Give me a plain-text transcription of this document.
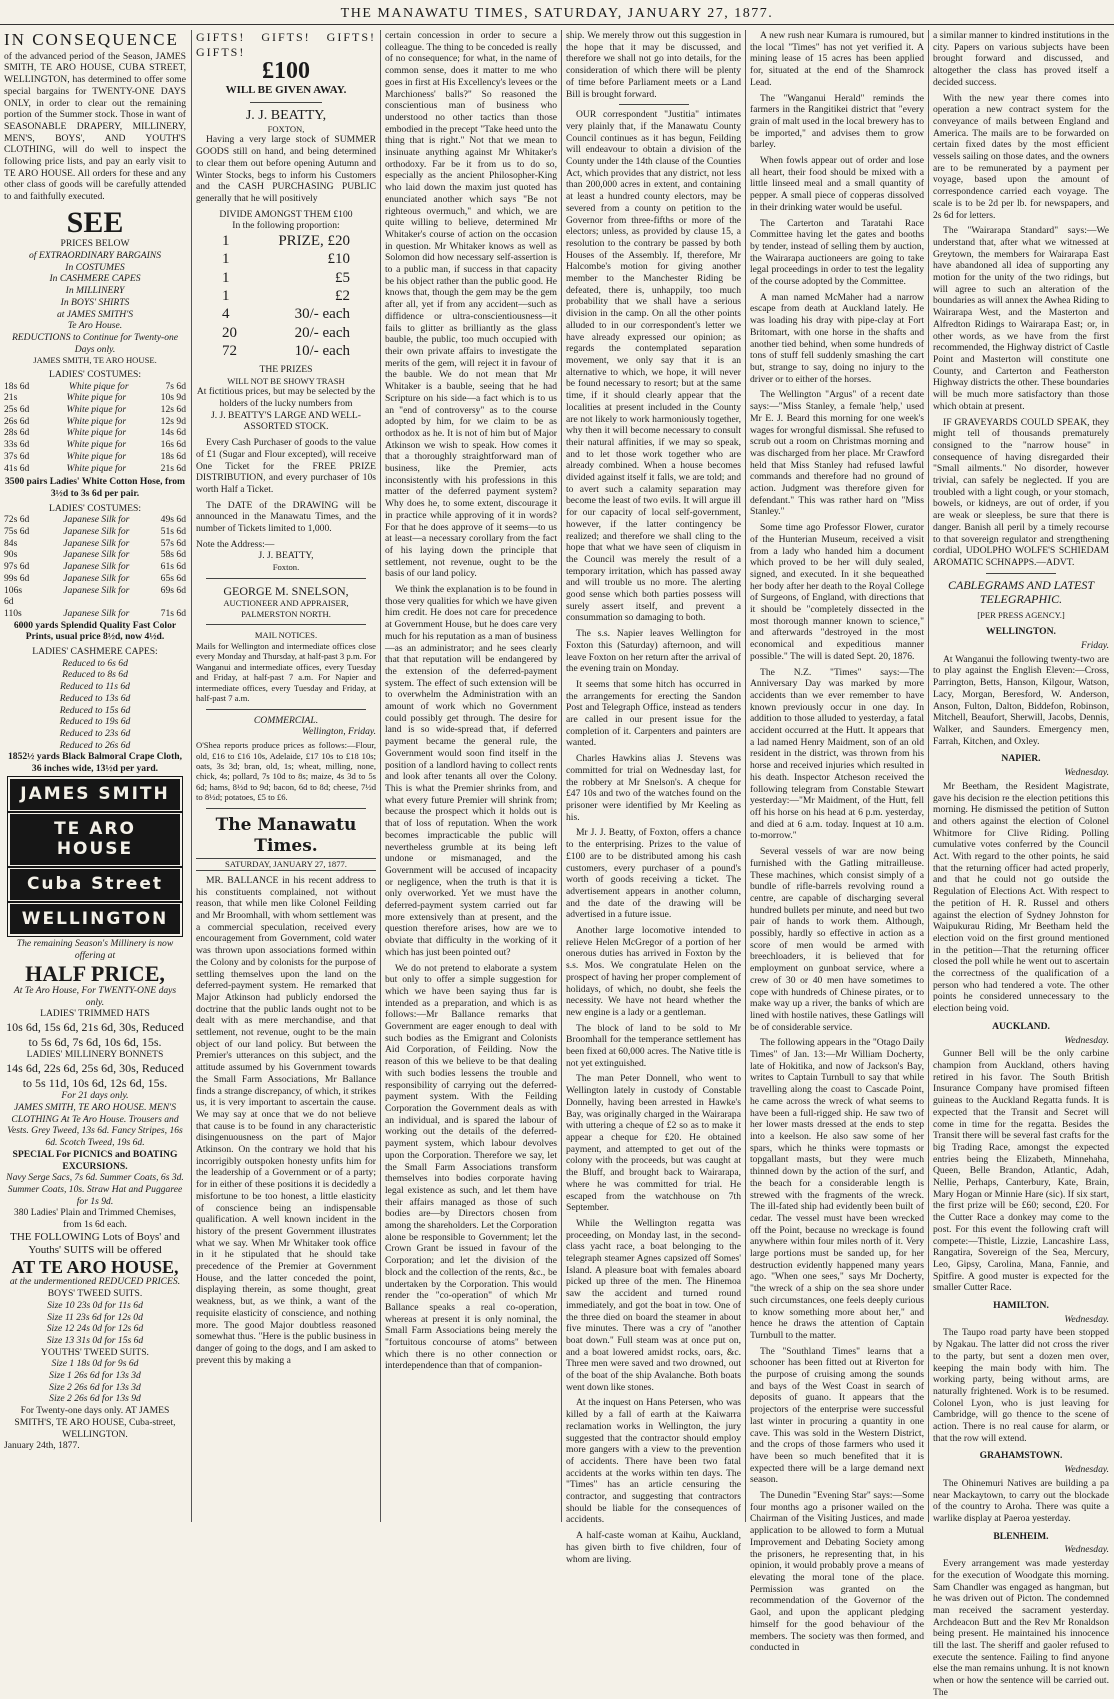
THE MANAWATU TIMES, SATURDAY, JANUARY 27, 1877.
IN CONSEQUENCE
of the advanced period of the Season, JAMES SMITH, TE ARO HOUSE, CUBA STREET, WELLINGTON, has determined to offer some special bargains for TWENTY-ONE DAYS ONLY, in order to clear out the remaining portion of the Summer stock. Those in want of SEASONABLE DRAPERY, MILLINERY, MEN'S, BOYS', AND YOUTH'S CLOTHING, will do well to inspect the following price lists, and pay an early visit to TE ARO HOUSE. All orders for these and any other class of goods will be carefully attended to and faithfully executed.
SEE
PRICES BELOW
of EXTRAORDINARY BARGAINS
In COSTUMES
In CASHMERE CAPES
In MILLINERY
In BOYS' SHIRTS
at JAMES SMITH'S
Te Aro House.
REDUCTIONS to Continue for Twenty-one Days only.
JAMES SMITH, TE ARO HOUSE.
LADIES' COSTUMES:
18s 6d	White pique for	7s 6d
21s	White pique for	10s 9d
25s 6d	White pique for	12s 6d
26s 6d	White pique for	12s 9d
28s 6d	White pique for	14s 6d
33s 6d	White pique for	16s 6d
37s 6d	White pique for	18s 6d
41s 6d	White pique for	21s 6d
3500 pairs Ladies' White Cotton Hose, from 3½d to 3s 6d per pair.
LADIES' COSTUMES:
72s 6d	Japanese Silk for	49s 6d
75s 6d	Japanese Silk for	51s 6d
84s	Japanese Silk for	57s 6d
90s	Japanese Silk for	58s 6d
97s 6d	Japanese Silk for	61s 6d
99s 6d	Japanese Silk for	65s 6d
106s 6d
Japanese Silk for	69s 6d
110s	Japanese Silk for	71s 6d
6000 yards Splendid Quality Fast Color Prints, usual price 8½d, now 4½d.
LADIES' CASHMERE CAPES:
Reduced to 6s 6d
Reduced to 8s 6d
Reduced to 11s 6d
Reduced to 13s 6d
Reduced to 15s 6d
Reduced to 19s 6d
Reduced to 23s 6d
Reduced to 26s 6d
1852½ yards Black Balmoral Crape Cloth, 36 inches wide, 13½d per yard.
JAMES SMITH
TE ARO HOUSE
Cuba Street
WELLINGTON
The remaining Season's Millinery is now offering at
HALF PRICE,
At Te Aro House, For TWENTY-ONE days only.
LADIES' TRIMMED HATS
10s 6d, 15s 6d, 21s 6d, 30s, Reduced to 5s 6d, 7s 6d, 10s 6d, 15s.
LADIES' MILLINERY BONNETS
14s 6d, 22s 6d, 25s 6d, 30s, Reduced to 5s 11d, 10s 6d, 12s 6d, 15s.
For 21 days only.
JAMES SMITH, TE ARO HOUSE. MEN'S CLOTHING At Te Aro House. Trousers and Vests. Grey Tweed, 13s 6d. Fancy Stripes, 16s 6d. Scotch Tweed, 19s 6d.
SPECIAL For PICNICS and BOATING EXCURSIONS.
Navy Serge Sacs, 7s 6d. Summer Coats, 6s 3d. Summer Coats, 10s. Straw Hat and Puggaree for 1s 9d.
380 Ladies' Plain and Trimmed Chemises, from 1s 6d each.
THE FOLLOWING Lots of Boys' and Youths' SUITS will be offered
AT TE ARO HOUSE,
at the undermentioned REDUCED PRICES.
BOYS' TWEED SUITS.
Size 10 23s 0d for 11s 6d
Size 11 23s 6d for 12s 0d
Size 12 24s 0d for 12s 6d
Size 13 31s 0d for 15s 6d
YOUTHS' TWEED SUITS.
Size 1 18s 0d for 9s 6d
Size 1 26s 6d for 13s 3d
Size 2 26s 6d for 13s 3d
Size 2 26s 6d for 13s 9d
For Twenty-one days only. AT JAMES SMITH'S, TE ARO HOUSE, Cuba-street, WELLINGTON.
January 24th, 1877.
GIFTS! GIFTS! GIFTS! GIFTS!
£100
WILL BE GIVEN AWAY.
J. J. BEATTY,
FOXTON,

Having a very large stock of SUMMER GOODS still on hand, and being determined to clear them out before opening Autumn and Winter Stocks, begs to inform his Customers and the CASH PURCHASING PUBLIC generally that he will positively

DIVIDE AMONGST THEM £100
In the following proportion:
1	PRIZE, £20
1	£10
1	£5
1	£2
4	30/- each
20	20/- each
72	10/- each
THE PRIZES
WILL NOT BE SHOWY TRASH
At fictitious prices, but may be selected by the holders of the lucky numbers from
J. J. BEATTY'S LARGE AND WELL-ASSORTED STOCK.

Every Cash Purchaser of goods to the value of £1 (Sugar and Flour excepted), will receive One Ticket for the FREE PRIZE DISTRIBUTION, and every purchaser of 10s worth Half a Ticket.

The DATE of the DRAWING will be announced in the Manawatu Times, and the number of Tickets limited to 1,000.

Note the Address:—
J. J. BEATTY,
Foxton.
GEORGE M. SNELSON,
AUCTIONEER AND APPRAISER,
PALMERSTON NORTH.
MAIL NOTICES.
Mails for Wellington and intermediate offices close every Monday and Thursday, at half-past 3 p.m. For Wanganui and intermediate offices, every Tuesday and Friday, at half-past 7 a.m. For Napier and intermediate offices, every Tuesday and Friday, at half-past 7 a.m.
COMMERCIAL.
Wellington, Friday.
O'Shea reports produce prices as follows:—Flour, old, £16 to £16 10s, Adelaide, £17 10s to £18 10s; oats, 3s 3d; bran, old, 1s; wheat, milling, none, chick, 4s; pollard, 7s 10d to 8s; maize, 4s 3d to 5s 6d; hams, 8½d to 9d; bacon, 6d to 8d; cheese, 7½d to 8½d; potatoes, £5 to £6.
The Manawatu Times.
SATURDAY, JANUARY 27, 1877.

MR. BALLANCE in his recent address to his constituents complained, not without reason, that while men like Colonel Feilding and Mr Broomhall, with whom settlement was a commercial speculation, received every encouragement from Government, cold water was thrown upon associations formed within the Colony and by colonists for the purpose of settling themselves upon the land on the deferred-payment system. He remarked that Major Atkinson had publicly endorsed the doctrine that the public lands ought not to be dealt with as mere merchandise, and that settlement, not revenue, ought to be the main object of our land policy. But between the Premier's utterances on this subject, and the attitude assumed by his Government towards the Small Farm Associations, Mr Ballance finds a strange discrepancy, of which, it strikes us, it is very important to ascertain the cause. We may say at once that we do not believe that cause is to be found in any characteristic disingenuousness on the part of Major Atkinson. On the contrary we hold that his incorrigibly outspoken honesty unfits him for the leadership of a Government or of a party; for in either of these positions it is decidedly a misfortune to be too honest, a little elasticity of conscience being an indispensable qualification. A well known incident in the history of the present Government illustrates what we say. When Mr Whitaker took office in it he stipulated that he should take precedence of the Premier at Government House, and the latter conceded the point, displaying therein, as some thought, great weakness, but, as we think, a want of the requisite elasticity of conscience, and nothing more. The good Major doubtless reasoned somewhat thus. "Here is the public business in danger of going to the dogs, and I am asked to prevent this by making a

certain concession in order to secure a colleague. The thing to be conceded is really of no consequence; for what, in the name of common sense, does it matter to me who goes in first at His Excellency's levees or the Marchioness' balls?" So reasoned the conscientious man of business who understood no other tactics than those embodied in the precept "Take heed unto the thing that is right." Not that we mean to insinuate anything against Mr Whitaker's orthodoxy. Far be it from us to do so, especially as the ancient Philosopher-King who laid down the maxim just quoted has enunciated another which says "Be not righteous overmuch," and which, we are quite willing to believe, determined Mr Whitaker's course of action on the occasion in question. Mr Whitaker knows as well as Solomon did how necessary self-assertion is to a public man, if success in that capacity be his object rather than the public good. He knows that, though the gem may be the gem after all, yet if from any accident—such as diffidence or ultra-conscientiousness—it fails to glitter as brilliantly as the glass bauble, the public, too much occupied with their own private affairs to investigate the merits of the gem, will reject it in favour of the bauble. We do not mean that Mr Whitaker is a bauble, seeing that he had Scripture on his side—a fact which is to us an "end of controversy" as to the course adopted by him, for we claim to be as orthodox as he. It is not of him but of Major Atkinson we wish to speak. How comes it that a thoroughly straightforward man of business, like the Premier, acts inconsistently with his professions in this matter of the deferred payment system? Why does he, to some extent, discourage it in practice while approving of it in words? For that he does approve of it seems—to us at least—a necessary corollary from the fact of his laying down the principle that settlement, not revenue, ought to be the basis of our land policy.

We think the explanation is to be found in those very qualities for which we have given him credit. He does not care for precedence at Government House, but he does care very much for his reputation as a man of business—as an administrator; and he sees clearly that that reputation will be endangered by the extension of the deferred-payment system. The effect of such extension will be to overwhelm the Administration with an amount of work which no Government could possibly get through. The desire for land is so wide-spread that, if deferred payment became the general rule, the Government would soon find itself in the position of a landlord having to collect rents and look after tenants all over the Colony. This is what the Premier shrinks from, and what every future Premier will shrink from; because the prospect which it holds out is that of loss of reputation. When the work becomes impracticable the public will nevertheless grumble at its being left undone or mismanaged, and the Government will be accused of incapacity or negligence, when the truth is that it is only overworked. Yet we must have the deferred-payment system carried out far more extensively than at present, and the question therefore arises, how are we to obviate that difficulty in the working of it which has just been pointed out?

We do not pretend to elaborate a system but only to offer a simple suggestion for which we have been saying thus far is intended as a preparation, and which is as follows:—Mr Ballance remarks that Government are eager enough to deal with such bodies as the Emigrant and Colonists Aid Corporation, of Feilding. Now the reason of this we believe to be that dealing with such bodies lessens the trouble and responsibility of carrying out the deferred-payment system. With the Feilding Corporation the Government deals as with an individual, and is spared the labour of working out the details of the deferred-payment system, which labour devolves upon the Corporation. Therefore we say, let the Small Farm Associations transform themselves into bodies corporate having legal existence as such, and let them have their affairs managed as those of such bodies are—by Directors chosen from among the shareholders. Let the Corporation alone be responsible to Government; let the Crown Grant be issued in favour of the Corporation; and let the division of the block and the collection of the rents, &c., be undertaken by the Corporation. This would render the "co-operation" of which Mr Ballance speaks a real co-operation, whereas at present it is only nominal, the Small Farm Associations being merely the "fortuitous concourse of atoms" between which there is no other connection or interdependence than that of companion-

ship. We merely throw out this suggestion in the hope that it may be discussed, and therefore we shall not go into details, for the consideration of which there will be plenty of time before Parliament meets or a Land Bill is brought forward.

OUR correspondent "Justitia" intimates very plainly that, if the Manawatu County Council continues as it has begun, Feilding will endeavour to obtain a division of the County under the 14th clause of the Counties Act, which provides that any district, not less than 200,000 acres in extent, and containing at least a hundred county electors, may be severed from a county on petition to the Governor from three-fifths or more of the electors; unless, as provided by clause 15, a resolution to the contrary be passed by both Houses of the Assembly. If, therefore, Mr Halcombe's motion for giving another member to the Manchester Riding be defeated, there is, unhappily, too much probability that we shall have a serious division in the camp. On all the other points alluded to in our correspondent's letter we have already expressed our opinion; as regards the contemplated separation movement, we only say that it is an alternative to which, we hope, it will never be found necessary to resort; but at the same time, if it should clearly appear that the localities at present included in the County are not likely to work harmoniously together, why then it will become necessary to consult their natural affinities, if we may so speak, and to let those work together who are already combined. When a house becomes divided against itself it falls, we are told; and to avert such a calamity separation may become the least of two evils. It will argue ill for our capacity of local self-government, however, if the latter contingency be realized; and therefore we shall cling to the hope that what we have seen of cliquism in the Council was merely the result of a temporary irritation, which has passed away and will trouble us no more. The alerting good sense which both parties possess will surely assert itself, and prevent a consummation so damaging to both.

The s.s. Napier leaves Wellington for Foxton this (Saturday) afternoon, and will leave Foxton on her return after the arrival of the evening train on Monday.

It seems that some hitch has occurred in the arrangements for erecting the Sandon Post and Telegraph Office, instead as tenders are called in our present issue for the completion of it. Carpenters and painters are wanted.

Charles Hawkins alias J. Stevens was committed for trial on Wednesday last, for the robbery at Mr Snelson's. A cheque for £47 10s and two of the watches found on the prisoner were identified by Mr Keeling as his.

Mr J. J. Beatty, of Foxton, offers a chance to the enterprising. Prizes to the value of £100 are to be distributed among his cash customers, every purchaser of a pound's worth of goods receiving a ticket. The advertisement appears in another column, and the date of the drawing will be advertised in a future issue.

Another large locomotive intended to relieve Helen McGregor of a portion of her onerous duties has arrived in Foxton by the s.s. Mos. We congratulate Helen on the prospect of having her proper complement of holidays, of which, no doubt, she feels the necessity. We have not heard whether the new engine is a lady or a gentleman.

The block of land to be sold to Mr Broomhall for the temperance settlement has been fixed at 60,000 acres. The Native title is not yet extinguished.

The man Peter Donnell, who went to Wellington lately in custody of Constable Donnelly, having been arrested in Hawke's Bay, was originally charged in the Wairarapa with uttering a cheque of £2 so as to make it appear a cheque for £20. He obtained payment, and attempted to get out of the colony with the proceeds, but was caught at the Bluff, and brought back to Wairarapa, where he was committed for trial. He escaped from the watchhouse on 7th September.

While the Wellington regatta was proceeding, on Monday last, in the second-class yacht race, a boat belonging to the telegraph steamer Agnes capsized off Somes' Island. A pleasure boat with females aboard picked up three of the men. The Hinemoa saw the accident and turned round immediately, and got the boat in tow. One of the three died on board the steamer in about five minutes. There was a cry of "another boat down." Full steam was at once put on, and a boat lowered amidst rocks, oars, &c. Three men were saved and two drowned, out of the boat of the ship Avalanche. Both boats went down like stones.

At the inquest on Hans Petersen, who was killed by a fall of earth at the Kaiwarra reclamation works in Wellington, the jury suggested that the contractor should employ more gangers with a view to the prevention of accidents. There have been two fatal accidents at the works within ten days. The "Times" has an article censuring the contractor, and suggesting that contractors should be liable for the consequences of accidents.

A half-caste woman at Kaihu, Auckland, has given birth to five children, four of whom are living.

A new rush near Kumara is rumoured, but the local "Times" has not yet verified it. A mining lease of 15 acres has been applied for, situated at the end of the Shamrock Lead.

The "Wanganui Herald" reminds the farmers in the Rangitikei district that "every grain of malt used in the local brewery has to be imported," and advises them to grow barley.

When fowls appear out of order and lose all heart, their food should be mixed with a little linseed meal and a small quantity of pepper. A small piece of copperas dissolved in their drinking water would be useful.

The Carterton and Taratahi Race Committee having let the gates and booths by tender, instead of selling them by auction, the Wairarapa auctioneers are going to take legal proceedings in order to test the legality of the course adopted by the Committee.

A man named McMaher had a narrow escape from death at Auckland lately. He was loading his dray with pipe-clay at Fort Britomart, with one horse in the shafts and another tied behind, when some hundreds of tons of stuff fell suddenly smashing the cart but, strange to say, doing no injury to the driver or to either of the horses.

The Wellington "Argus" of a recent date says:—"Miss Stanley, a female 'help,' used Mr E. J. Beard this morning for one week's wages for wrongful dismissal. She refused to scrub out a room on Christmas morning and was discharged from her place. Mr Crawford held that Miss Stanley had refused lawful commands and therefore had no ground of action. Judgment was therefore given for defendant." This was rather hard on "Miss Stanley."

Some time ago Professor Flower, curator of the Hunterian Museum, received a visit from a lady who handed him a document which proved to be her will duly sealed, signed, and executed. In it she bequeathed her body after her death to the Royal College of Surgeons, of England, with directions that it should be "completely dissected in the most thorough manner known to science," and afterwards "destroyed in the most economical and expeditious manner possible." The will is dated Sept. 20, 1876.

The N.Z. "Times" says:—The Anniversary Day was marked by more accidents than we ever remember to have known previously occur in one day. In addition to those alluded to yesterday, a fatal accident occurred at the Hutt. It appears that a lad named Henry Maidment, son of an old resident in the district, was thrown from his horse and received injuries which resulted in his death. Inspector Atcheson received the following telegram from Constable Stewart yesterday:—"Mr Maidment, of the Hutt, fell off his horse on his head at 6 p.m. yesterday, and died at 6 a.m. today. Inquest at 10 a.m. to-morrow."

Several vessels of war are now being furnished with the Gatling mitrailleuse. These machines, which consist simply of a bundle of rifle-barrels revolving round a centre, are capable of discharging several hundred bullets per minute, and need but two pair of hands to work them. Although, possibly, hardly so effective in action as a score of men would be armed with breechloaders, it is believed that for employment on gunboat service, where a crew of 30 or 40 men have sometimes to cope with hundreds of Chinese pirates, or to make way up a river, the banks of which are lined with hostile natives, these Gatlings will be of considerable service.

The following appears in the "Otago Daily Times" of Jan. 13:—Mr William Docherty, late of Hokitika, and now of Jackson's Bay, writes to Captain Turnbull to say that while travelling along the coast to Cascade Point, he came across the wreck of what seems to have been a full-rigged ship. He saw two of her lower masts dressed at the ends to step into a keelson. He also saw some of her spars, which he thinks were topmasts or topgallant masts, but they were much thinned down by the action of the surf, and the beach for a considerable length is strewed with the fragments of the wreck. The ill-fated ship had evidently been built of cedar. The vessel must have been wrecked off the Point, because no wreckage is found anywhere within four miles north of it. Very large portions must be sanded up, for her destruction evidently happened many years ago. "When one sees," says Mr Docherty, "the wreck of a ship on the sea shore under such circumstances, one feels deeply curious to know something more about her," and hence he draws the attention of Captain Turnbull to the matter.

The "Southland Times" learns that a schooner has been fitted out at Riverton for the purpose of cruising among the sounds and bays of the West Coast in search of deposits of guano. It appears that the projectors of the enterprise were successful last winter in procuring a quantity in one cave. This was sold in the Western District, and the crops of those farmers who used it have been so much benefited that it is expected there will be a large demand next season.

The Dunedin "Evening Star" says:—Some four months ago a prisoner wailed on the Chairman of the Visiting Justices, and made application to be allowed to form a Mutual Improvement and Debating Society among the prisoners, he representing that, in his opinion, it would probably prove a means of elevating the moral tone of the place. Permission was granted on the recommendation of the Governor of the Gaol, and upon the applicant pledging himself for the good behaviour of the members. The society was then formed, and conducted in

a similar manner to kindred institutions in the city. Papers on various subjects have been brought forward and discussed, and altogether the class has proved itself a decided success.

With the new year there comes into operation a new contract system for the conveyance of mails between England and America. The mails are to be forwarded on certain fixed dates by the most efficient vessels sailing on those dates, and the owners are to be remunerated by a payment per voyage, based upon the amount of correspondence carried each voyage. The scale is to be 2d per lb. for newspapers, and 2s 6d for letters.

The "Wairarapa Standard" says:—We understand that, after what we witnessed at Greytown, the members for Wairarapa East have abandoned all idea of supporting any motion for the unity of the two ridings, but will agree to such an alteration of the boundaries as will annex the Awhea Riding to Wairarapa West, and the Masterton and Alfredton Ridings to Wairarapa East; or, in other words, as we have from the first recommended, the Highway district of Castle Point and Masterton will constitute one County, and Carterton and Featherston Highway districts the other. These boundaries will be much more satisfactory than those which obtain at present.

IF GRAVEYARDS COULD SPEAK, they might tell of thousands prematurely consigned to the "narrow house" in consequence of having disregarded their "Small ailments." No disorder, however trivial, can safely be neglected. If you are troubled with a light cough, or your stomach, bowels, or kidneys, are out of order, if you are weak or sleepless, be sure that there is danger. Banish all peril by a timely recourse to that sovereign regulator and strengthening cordial, UDOLPHO WOLFE'S SCHIEDAM AROMATIC SCHNAPPS.—ADVT.

CABLEGRAMS AND LATEST TELEGRAPHIC.
[PER PRESS AGENCY.]
WELLINGTON.
Friday.

At Wanganui the following twenty-two are to play against the English Eleven:—Cross, Parrington, Betts, Hanson, Kilgour, Watson, Lacy, Morgan, Beresford, W. Anderson, Anson, Fulton, Dalton, Biddefon, Robinson, Mitchell, Beaufort, Sherwill, Jacobs, Dennis, Walker, and Saunders. Emergency men, Farrah, Kitchen, and Oxley.

NAPIER.
Wednesday.

Mr Beetham, the Resident Magistrate, gave his decision re the election petitions this morning. He dismissed the petition of Sutton and others against the election of Colonel Whitmore for Clive Riding. Polling cumulative votes conferred by the Council Act. With regard to the other points, he said that the returning officer had acted properly, and that he could not go outside the Regulation of Elections Act. With respect to the petition of H. R. Russel and others against the election of Sydney Johnston for Waipukurau Riding, Mr Beetham held the election void on the first ground mentioned in the petition—That the returning officer closed the poll while he went out to ascertain the correctness of the qualification of a person who had tendered a vote. The other points he considered unnecessary to the election being void.

AUCKLAND.
Wednesday.

Gunner Bell will be the only carbine champion from Auckland, others having retired in his favor. The South British Insurance Company have promised fifteen guineas to the Auckland Regatta funds. It is expected that the Transit and Secret will come in time for the regatta. Besides the Transit there will be several fast crafts for the big Trading Race, amongst the expected entries being the Elizabeth, Minnehaha, Queen, Belle Brandon, Atlantic, Adah, Nellie, Perhaps, Canterbury, Kate, Brain, Mary Hogan or Minnie Hare (sic). If six start, the first prize will be £60; second, £20. For the Cutter Race a donkey may come to the post. For this event the following craft will compete:—Thistle, Lizzie, Lancashire Lass, Rangatira, Sovereign of the Sea, Mercury, Leo, Gipsy, Carolina, Mana, Fannie, and Spitfire. A good muster is expected for the smaller Cutter Race.

HAMILTON.
Wednesday.

The Taupo road party have been stopped by Ngakau. The latter did not cross the river to the party, but sent a dozen men over, keeping the main body with him. The working party, being without arms, are naturally frightened. Work is to be resumed. Colonel Lyon, who is just leaving for Cambridge, will go thence to the scene of action. There is no real cause for alarm, or that the row will extend.

GRAHAMSTOWN.
Wednesday.

The Ohinemuri Natives are building a pa near Mackaytown, to carry out the blockade of the country to Aroha. There was quite a warlike display at Paeroa yesterday.

BLENHEIM.
Wednesday.

Every arrangement was made yesterday for the execution of Woodgate this morning. Sam Chandler was engaged as hangman, but he was driven out of Picton. The condemned man received the sacrament yesterday. Archdeacon Butt and the Rev Mr Ronaldson being present. He maintained his innocence till the last. The sheriff and gaoler refused to execute the sentence. Failing to find anyone else the man remains unhung. It is not known when or how the sentence will be carried out. The
